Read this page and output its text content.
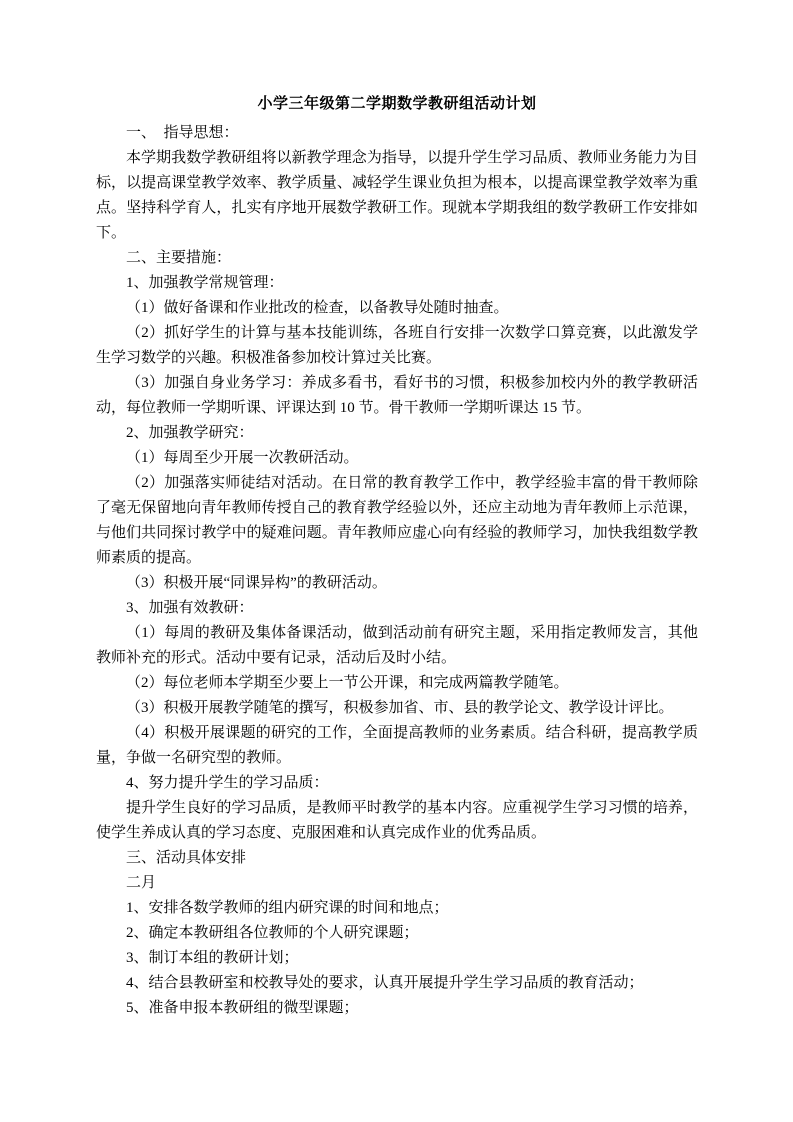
小学三年级第二学期数学教研组活动计划

一、　指导思想：

本学期我数学教研组将以新教学理念为指导，以提升学生学习品质、教师业务能力为目标，以提高课堂教学效率、教学质量、减轻学生课业负担为根本，以提高课堂教学效率为重点。坚持科学育人，扎实有序地开展数学教研工作。现就本学期我组的数学教研工作安排如下。

二、主要措施：

1、加强教学常规管理：

（1）做好备课和作业批改的检查，以备教导处随时抽查。

（2）抓好学生的计算与基本技能训练，各班自行安排一次数学口算竞赛，以此激发学生学习数学的兴趣。积极准备参加校计算过关比赛。

（3）加强自身业务学习：养成多看书，看好书的习惯，积极参加校内外的教学教研活动，每位教师一学期听课、评课达到 10 节。骨干教师一学期听课达 15 节。

2、加强教学研究：

（1）每周至少开展一次教研活动。

（2）加强落实师徒结对活动。在日常的教育教学工作中，教学经验丰富的骨干教师除了毫无保留地向青年教师传授自己的教育教学经验以外，还应主动地为青年教师上示范课，与他们共同探讨教学中的疑难问题。青年教师应虚心向有经验的教师学习，加快我组数学教师素质的提高。

（3）积极开展“同课异构”的教研活动。

3、加强有效教研：

（1）每周的教研及集体备课活动，做到活动前有研究主题，采用指定教师发言，其他教师补充的形式。活动中要有记录，活动后及时小结。

（2）每位老师本学期至少要上一节公开课，和完成两篇教学随笔。

（3）积极开展教学随笔的撰写，积极参加省、市、县的教学论文、教学设计评比。

（4）积极开展课题的研究的工作，全面提高教师的业务素质。结合科研，提高教学质量，争做一名研究型的教师。

4、努力提升学生的学习品质：

提升学生良好的学习品质，是教师平时教学的基本内容。应重视学生学习习惯的培养，使学生养成认真的学习态度、克服困难和认真完成作业的优秀品质。

三、活动具体安排

二月

1、安排各数学教师的组内研究课的时间和地点；

2、确定本教研组各位教师的个人研究课题；

3、制订本组的教研计划；

4、结合县教研室和校教导处的要求，认真开展提升学生学习品质的教育活动；

5、准备申报本教研组的微型课题；
